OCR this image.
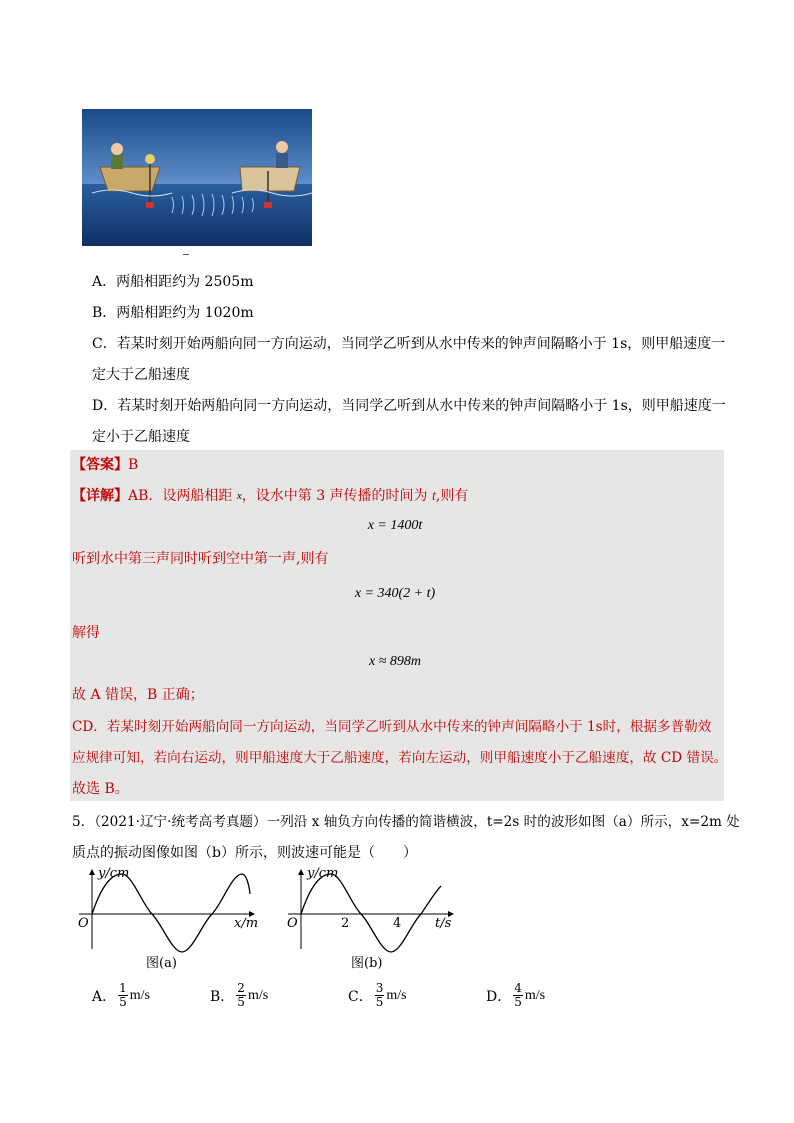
A．两船相距约为 2505m
B．两船相距约为 1020m
C．若某时刻开始两船向同一方向运动，当同学乙听到从水中传来的钟声间隔略小于 1s，则甲船速度一
定大于乙船速度
D．若某时刻开始两船向同一方向运动，当同学乙听到从水中传来的钟声间隔略小于 1s，则甲船速度一
定小于乙船速度
【答案】B
【详解】AB．设两船相距 $^x$，设水中第 3 声传播的时间为 t,则有
x = 1400t
听到水中第三声同时听到空中第一声,则有
x = 340(2 + t)
解得
x ≈ 898m
故 A 错误，B 正确；
CD．若某时刻开始两船向同一方向运动，当同学乙听到从水中传来的钟声间隔略小于 1s时，根据多普勒效
应规律可知，若向右运动，则甲船速度大于乙船速度，若向左运动，则甲船速度小于乙船速度，故 CD 错误。
故选 B。
5．（2021·辽宁·统考高考真题）一列沿 x 轴负方向传播的简谐横波，t=2s 时的波形如图（a）所示，x=2m 处
质点的振动图像如图（b）所示，则波速可能是（　　）
y/cm
O	x/m
图(a)
y/cm
O	2	4	t/s
图(b)
A． $\frac{1}{5} m/s$	B． $\frac{2}{5} m/s$	C． $\frac{3}{5} m/s$	D． $\frac{4}{5} m/s$
